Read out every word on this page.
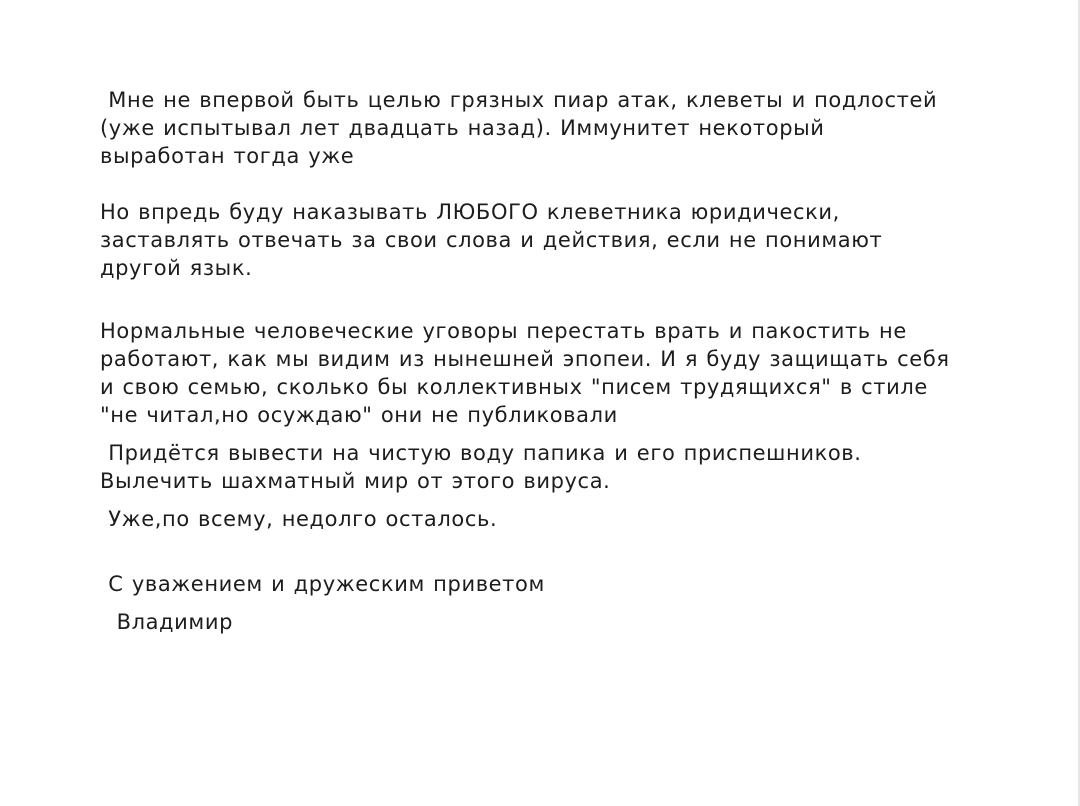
Мне не впервой быть целью грязных пиар атак, клеветы и подлостей
(уже испытывал лет двадцать назад). Иммунитет некоторый
выработан тогда уже

Но впредь буду наказывать ЛЮБОГО клеветника юридически,
заставлять отвечать за свои слова и действия, если не понимают
другой язык.

Нормальные человеческие уговоры перестать врать и пакостить не
работают, как мы видим из нынешней эпопеи. И я буду защищать себя
и свою семью, сколько бы коллективных "писем трудящихся" в стиле
"не читал,но осуждаю" они не публиковали

Придётся вывести на чистую воду папика и его приспешников.
Вылечить шахматный мир от этого вируса.

Уже,по всему, недолго осталось.

С уважением и дружеским приветом

Владимир
